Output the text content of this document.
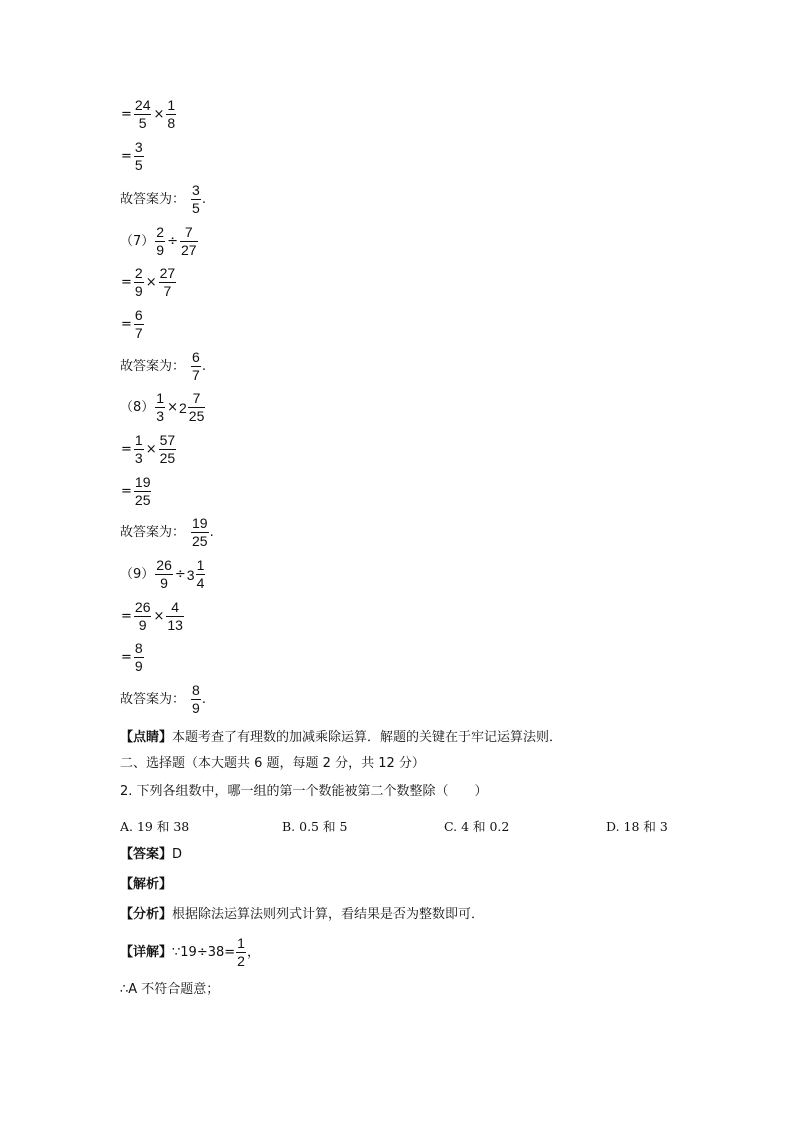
= $\frac{24}{5} \times \frac{1}{8}$
= $\frac{3}{5}$
故答案为： $\frac{3}{5}$ .
$(7) \frac{2}{9} \div \frac{7}{27}$
= $\frac{2}{9} \times \frac{27}{7}$
= $\frac{6}{7}$
故答案为： $\frac{6}{7}$ .
$(8) \frac{1}{3} \times 2 \frac{7}{25}$
= $\frac{1}{3} \times \frac{57}{25}$
= $\frac{19}{25}$
故答案为： $\frac{19}{25}$ .
$(9) \frac{26}{9} \div 3 \frac{1}{4}$
= $\frac{26}{9} \times \frac{4}{13}$
= $\frac{8}{9}$
故答案为： $\frac{8}{9}$ .
【点睛】 本题考查了有理数的加减乘除运算．解题的关键在于牢记运算法则．
二、选择题（本大题共 6 题，每题 2 分，共 12 分）
2. 下列各组数中，哪一组的第一个数能被第二个数整除（　　）
A. 19 和 38	B. 0.5 和 5	C. 4 和 0.2	D. 18 和 3
【答案】 D
【解析】
【分析】 根据除法运算法则列式计算，看结果是否为整数即可．
【详解】 ∵19÷38= $\frac{1}{2}$ ，
∴A 不符合题意；
